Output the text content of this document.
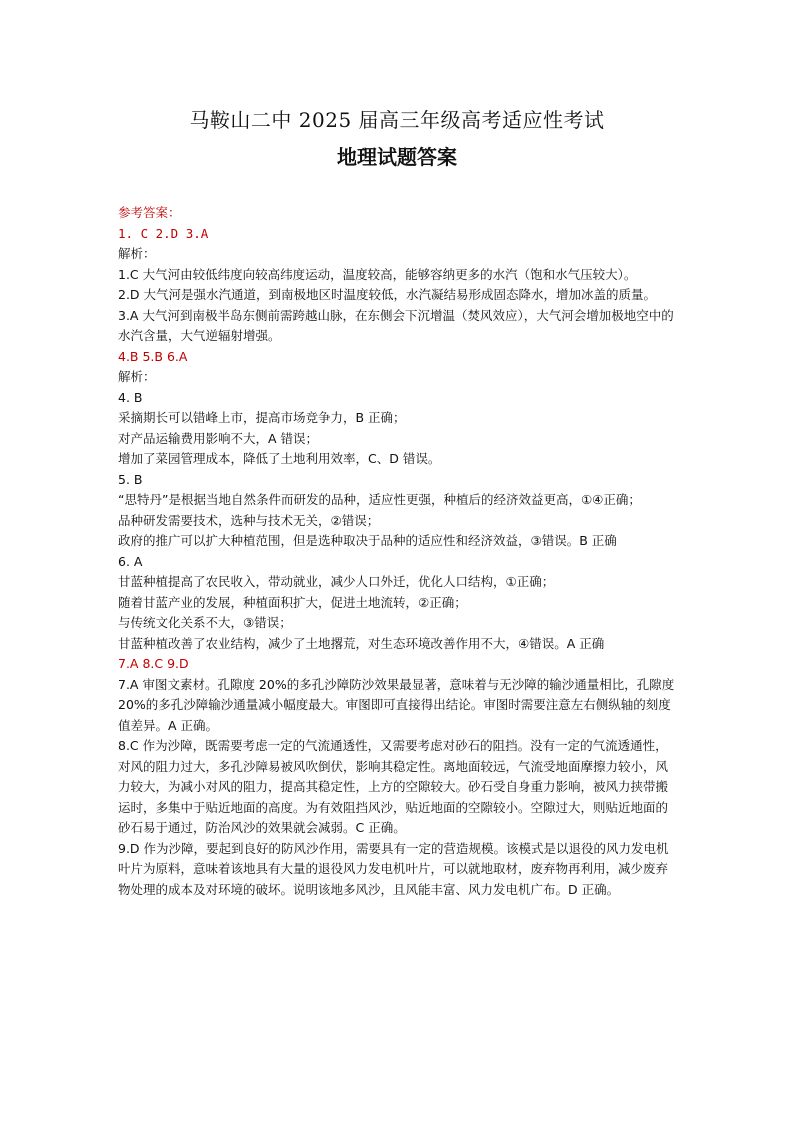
马鞍山二中 2025 届高三年级高考适应性考试
地理试题答案
参考答案：
1. C 2.D 3.A
解析：
1.C 大气河由较低纬度向较高纬度运动，温度较高，能够容纳更多的水汽（饱和水气压较大）。
2.D 大气河是强水汽通道，到南极地区时温度较低，水汽凝结易形成固态降水，增加冰盖的质量。
3.A 大气河到南极半岛东侧前需跨越山脉，在东侧会下沉增温（焚风效应），大气河会增加极地空中的水汽含量，大气逆辐射增强。
4.B 5.B 6.A
解析：
4. B
采摘期长可以错峰上市，提高市场竞争力，B 正确；
对产品运输费用影响不大，A 错误；
增加了菜园管理成本，降低了土地利用效率，C、D 错误。
5. B
“思特丹”是根据当地自然条件而研发的品种，适应性更强，种植后的经济效益更高，①④正确；
品种研发需要技术，选种与技术无关，②错误；
政府的推广可以扩大种植范围，但是选种取决于品种的适应性和经济效益，③错误。B 正确
6. A
甘蓝种植提高了农民收入，带动就业，减少人口外迁，优化人口结构，①正确；
随着甘蓝产业的发展，种植面积扩大，促进土地流转，②正确；
与传统文化关系不大，③错误；
甘蓝种植改善了农业结构，减少了土地撂荒，对生态环境改善作用不大，④错误。A 正确
7.A 8.C 9.D
7.A 审图文素材。孔隙度 20%的多孔沙障防沙效果最显著，意味着与无沙障的输沙通量相比，孔隙度 20%的多孔沙障输沙通量减小幅度最大。审图即可直接得出结论。审图时需要注意左右侧纵轴的刻度值差异。A 正确。
8.C 作为沙障，既需要考虑一定的气流通透性，又需要考虑对砂石的阻挡。没有一定的气流透通性，对风的阻力过大，多孔沙障易被风吹倒伏，影响其稳定性。离地面较远，气流受地面摩擦力较小，风力较大，为减小对风的阻力，提高其稳定性，上方的空隙较大。砂石受自身重力影响，被风力挟带搬运时，多集中于贴近地面的高度。为有效阻挡风沙，贴近地面的空隙较小。空隙过大，则贴近地面的砂石易于通过，防治风沙的效果就会减弱。C 正确。
9.D 作为沙障，要起到良好的防风沙作用，需要具有一定的营造规模。该模式是以退役的风力发电机叶片为原料，意味着该地具有大量的退役风力发电机叶片，可以就地取材，废弃物再利用，减少废弃物处理的成本及对环境的破坏。说明该地多风沙，且风能丰富、风力发电机广布。D 正确。
